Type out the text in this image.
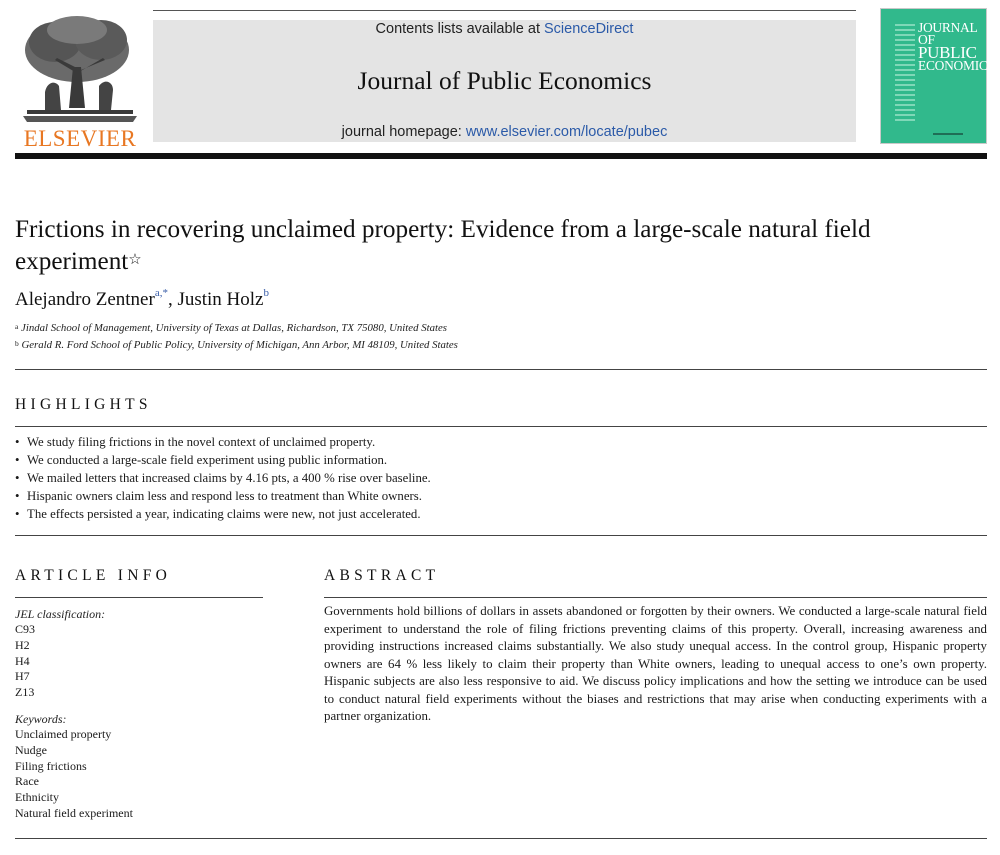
ELSEVIER
Contents lists available at ScienceDirect
Journal of Public Economics
journal homepage: www.elsevier.com/locate/pubec
JOURNAL OF
PUBLIC
ECONOMICS
Frictions in recovering unclaimed property: Evidence from a large-scale natural field experiment☆
Alejandro Zentner$^{a,*}$, Justin Holz$^b$
$^a$ Jindal School of Management, University of Texas at Dallas, Richardson, TX 75080, United States
$^b$ Gerald R. Ford School of Public Policy, University of Michigan, Ann Arbor, MI 48109, United States
HIGHLIGHTS
• We study filing frictions in the novel context of unclaimed property.
• We conducted a large-scale field experiment using public information.
• We mailed letters that increased claims by 4.16 pts, a 400 % rise over baseline.
• Hispanic owners claim less and respond less to treatment than White owners.
• The effects persisted a year, indicating claims were new, not just accelerated.
ARTICLE INFO
JEL classification:
C93
H2
H4
H7
Z13
Keywords:
Unclaimed property
Nudge
Filing frictions
Race
Ethnicity
Natural field experiment
ABSTRACT

Governments hold billions of dollars in assets abandoned or forgotten by their owners. We conducted a large-scale natural field experiment to understand the role of filing frictions preventing claims of this property. Overall, increasing awareness and providing instructions increased claims substantially. We also study unequal access. In the control group, Hispanic property owners are 64 % less likely to claim their property than White owners, leading to unequal access to one’s own property. Hispanic subjects are also less responsive to aid. We discuss policy implications and how the setting we introduce can be used to conduct natural field experiments without the biases and restrictions that may arise when conducting experiments with a partner organization.
